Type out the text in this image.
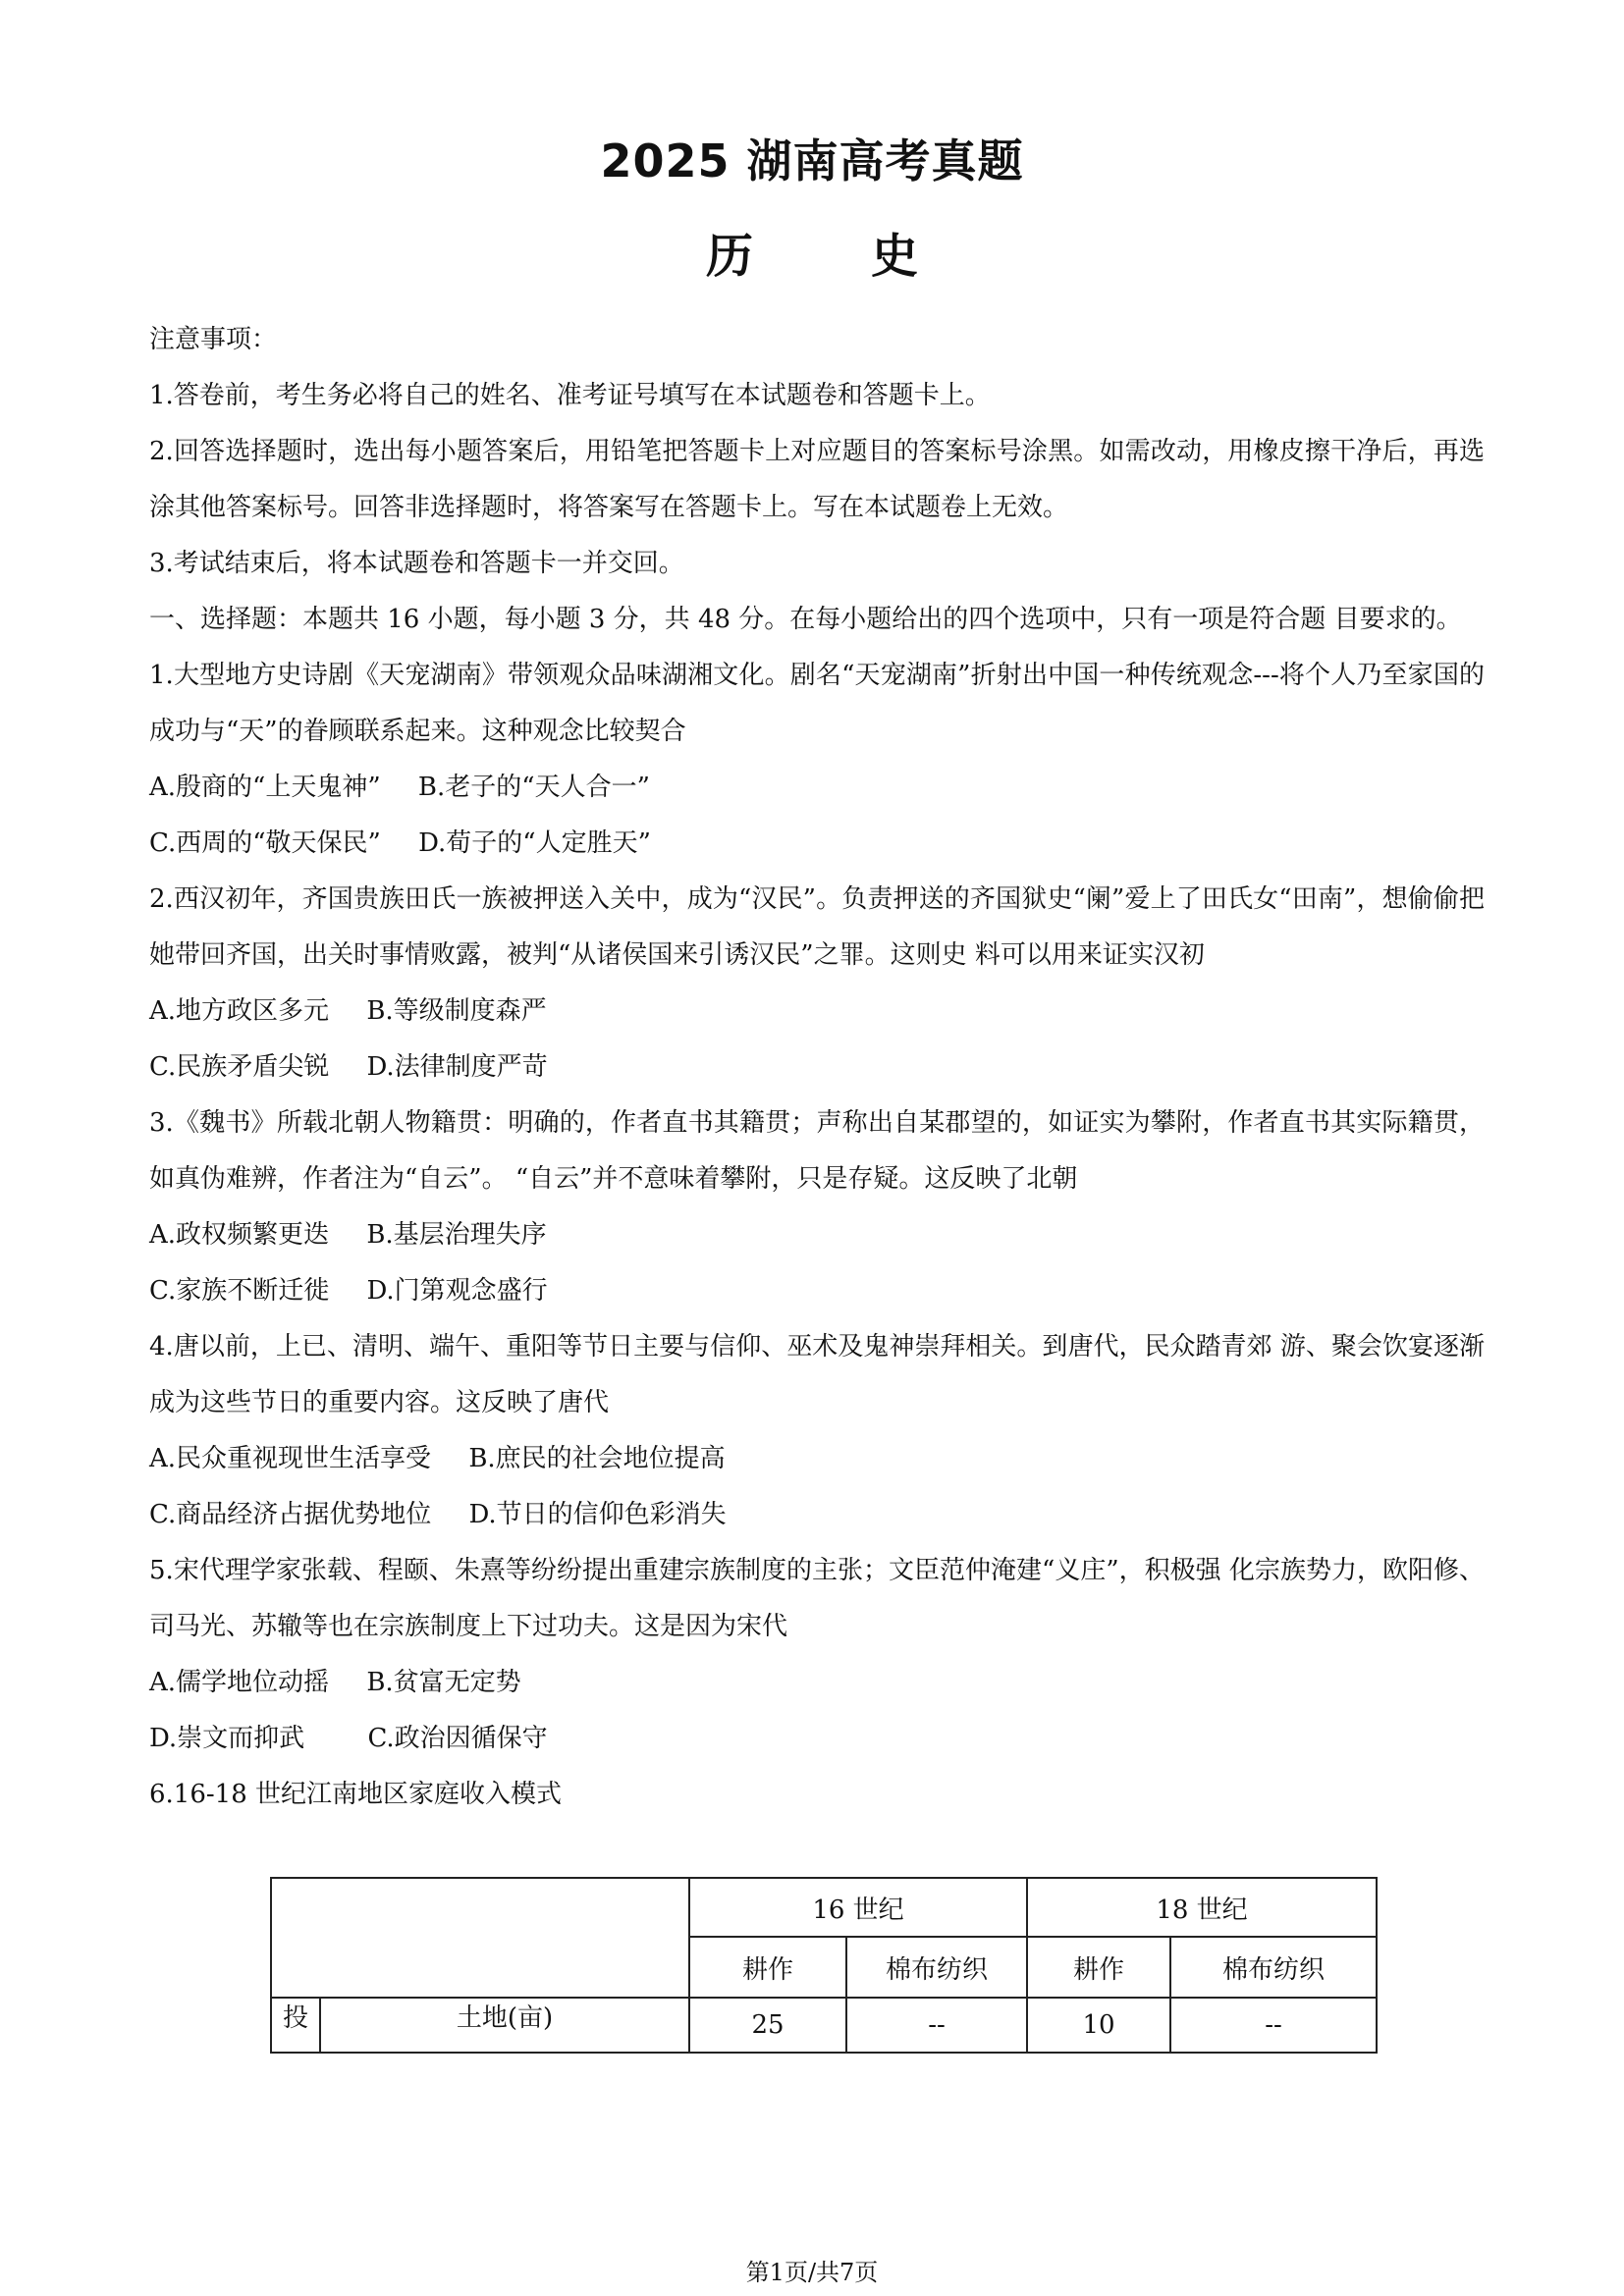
2025 湖南高考真题
历史
注意事项：
1.答卷前，考生务必将自己的姓名、准考证号填写在本试题卷和答题卡上。
2.回答选择题时，选出每小题答案后，用铅笔把答题卡上对应题目的答案标号涂黑。如需改动，用橡皮擦干净后，再选涂其他答案标号。回答非选择题时，将答案写在答题卡上。写在本试题卷上无效。
3.考试结束后，将本试题卷和答题卡一并交回。
一、选择题：本题共 16 小题，每小题 3 分，共 48 分。在每小题给出的四个选项中，只有一项是符合题 目要求的。
1.大型地方史诗剧《天宠湖南》带领观众品味湖湘文化。剧名“天宠湖南”折射出中国一种传统观念---将个人乃至家国的成功与“天”的眷顾联系起来。这种观念比较契合
A.殷商的“上天鬼神” B.老子的“天人合一”
C.西周的“敬天保民” D.荀子的“人定胜天”
2.西汉初年，齐国贵族田氏一族被押送入关中，成为“汉民”。负责押送的齐国狱史“阑”爱上了田氏女“田南”，想偷偷把她带回齐国，出关时事情败露，被判“从诸侯国来引诱汉民”之罪。这则史 料可以用来证实汉初
A.地方政区多元 B.等级制度森严
C.民族矛盾尖锐 D.法律制度严苛
3.《魏书》所载北朝人物籍贯：明确的，作者直书其籍贯；声称出自某郡望的，如证实为攀附，作者直书其实际籍贯，如真伪难辨，作者注为“自云”。 “自云”并不意味着攀附，只是存疑。这反映了北朝
A.政权频繁更迭 B.基层治理失序
C.家族不断迁徙 D.门第观念盛行
4.唐以前，上已、清明、端午、重阳等节日主要与信仰、巫术及鬼神崇拜相关。到唐代，民众踏青郊 游、聚会饮宴逐渐成为这些节日的重要内容。这反映了唐代
A.民众重视现世生活享受 B.庶民的社会地位提高
C.商品经济占据优势地位 D.节日的信仰色彩消失
5.宋代理学家张载、程颐、朱熹等纷纷提出重建宗族制度的主张；文臣范仲淹建“义庄”，积极强 化宗族势力，欧阳修、司马光、苏辙等也在宗族制度上下过功夫。这是因为宋代
A.儒学地位动摇 B.贫富无定势
D.崇文而抑武 C.政治因循保守
6.16-18 世纪江南地区家庭收入模式
		16 世纪		18 世纪	
		耕作	棉布纺织	耕作	棉布纺织
投	土地(亩)	25	--	10	--
第1页/共7页
